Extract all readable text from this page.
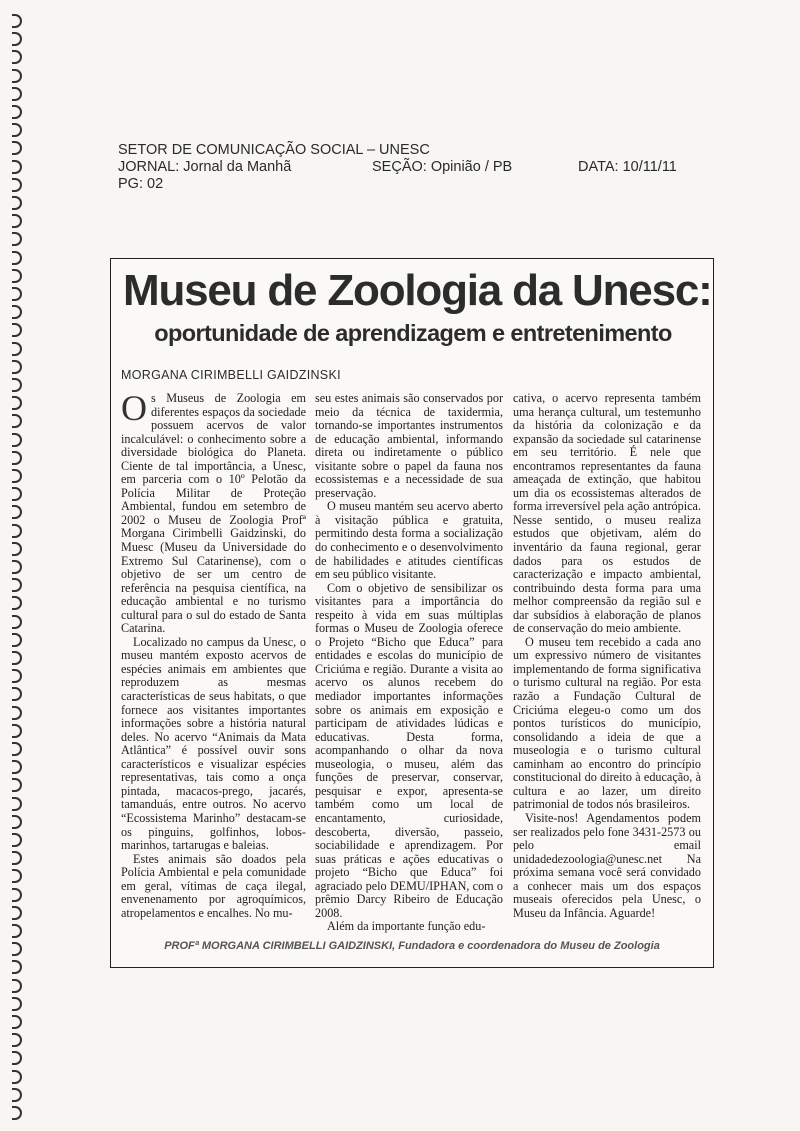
SETOR DE COMUNICAÇÃO SOCIAL – UNESC
JORNAL: Jornal da Manhã	SEÇÃO: Opinião / PB	DATA: 10/11/11
PG: 02
Museu de Zoologia da Unesc:
oportunidade de aprendizagem e entretenimento
MORGANA CIRIMBELLI GAIDZINSKI

Os Museus de Zoologia em diferentes espaços da sociedade possuem acervos de valor incalculável: o conhecimento sobre a diversidade biológica do Planeta. Ciente de tal importância, a Unesc, em parceria com o 10º Pelotão da Polícia Militar de Proteção Ambiental, fundou em setembro de 2002 o Museu de Zoologia Profª Morgana Cirimbelli Gaidzinski, do Muesc (Museu da Universidade do Extremo Sul Catarinense), com o objetivo de ser um centro de referência na pesquisa científica, na educação ambiental e no turismo cultural para o sul do estado de Santa Catarina.

Localizado no campus da Unesc, o museu mantém exposto acervos de espécies animais em ambientes que reproduzem as mesmas características de seus habitats, o que fornece aos visitantes importantes informações sobre a história natural deles. No acervo “Animais da Mata Atlântica” é possível ouvir sons característicos e visualizar espécies representativas, tais como a onça pintada, macacos-prego, jacarés, tamanduás, entre outros. No acervo “Ecossistema Marinho” destacam-se os pinguins, golfinhos, lobos-marinhos, tartarugas e baleias.

Estes animais são doados pela Polícia Ambiental e pela comunidade em geral, vítimas de caça ilegal, envenenamento por agroquímicos, atropelamentos e encalhes. No mu-

seu estes animais são conservados por meio da técnica de taxidermia, tornando-se importantes instrumentos de educação ambiental, informando direta ou indiretamente o público visitante sobre o papel da fauna nos ecossistemas e a necessidade de sua preservação.

O museu mantém seu acervo aberto à visitação pública e gratuita, permitindo desta forma a socialização do conhecimento e o desenvolvimento de habilidades e atitudes científicas em seu público visitante.

Com o objetivo de sensibilizar os visitantes para a importância do respeito à vida em suas múltiplas formas o Museu de Zoologia oferece o Projeto “Bicho que Educa” para entidades e escolas do município de Criciúma e região. Durante a visita ao acervo os alunos recebem do mediador importantes informações sobre os animais em exposição e participam de atividades lúdicas e educativas. Desta forma, acompanhando o olhar da nova museologia, o museu, além das funções de preservar, conservar, pesquisar e expor, apresenta-se também como um local de encantamento, curiosidade, descoberta, diversão, passeio, sociabilidade e aprendizagem. Por suas práticas e ações educativas o projeto “Bicho que Educa” foi agraciado pelo DEMU/IPHAN, com o prêmio Darcy Ribeiro de Educação 2008.

Além da importante função edu-

cativa, o acervo representa também uma herança cultural, um testemunho da história da colonização e da expansão da sociedade sul catarinense em seu território. É nele que encontramos representantes da fauna ameaçada de extinção, que habitou um dia os ecossistemas alterados de forma irreversível pela ação antrópica. Nesse sentido, o museu realiza estudos que objetivam, além do inventário da fauna regional, gerar dados para os estudos de caracterização e impacto ambiental, contribuindo desta forma para uma melhor compreensão da região sul e dar subsídios à elaboração de planos de conservação do meio ambiente.

O museu tem recebido a cada ano um expressivo número de visitantes implementando de forma significativa o turismo cultural na região. Por esta razão a Fundação Cultural de Criciúma elegeu-o como um dos pontos turísticos do município, consolidando a ideia de que a museologia e o turismo cultural caminham ao encontro do princípio constitucional do direito à educação, à cultura e ao lazer, um direito patrimonial de todos nós brasileiros.

Visite-nos! Agendamentos podem ser realizados pelo fone 3431-2573 ou pelo email unidadedezoologia@unesc.net Na próxima semana você será convidado a conhecer mais um dos espaços museais oferecidos pela Unesc, o Museu da Infância. Aguarde!

PROFª MORGANA CIRIMBELLI GAIDZINSKI, Fundadora e coordenadora do Museu de Zoologia
